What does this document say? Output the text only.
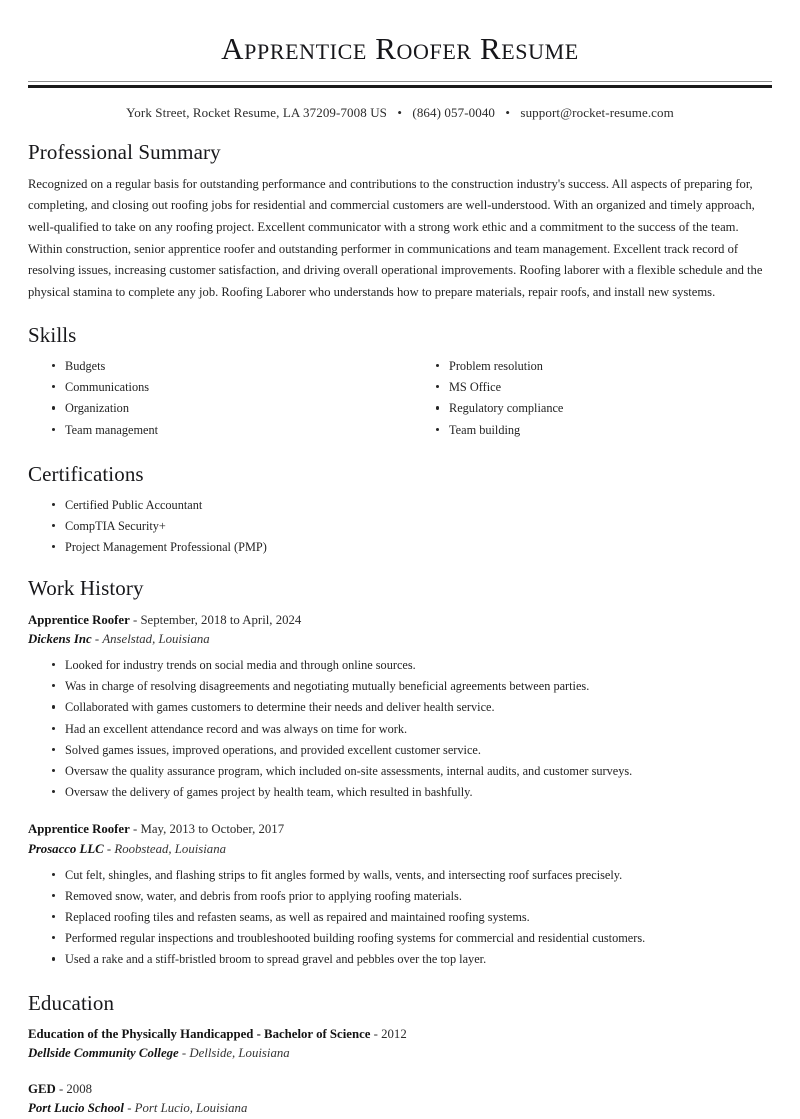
Apprentice Roofer Resume
York Street, Rocket Resume, LA 37209-7008 US • (864) 057-0040 • support@rocket-resume.com
Professional Summary

Recognized on a regular basis for outstanding performance and contributions to the construction industry's success. All aspects of preparing for, completing, and closing out roofing jobs for residential and commercial customers are well-understood. With an organized and timely approach, well-qualified to take on any roofing project. Excellent communicator with a strong work ethic and a commitment to the success of the team. Within construction, senior apprentice roofer and outstanding performer in communications and team management. Excellent track record of resolving issues, increasing customer satisfaction, and driving overall operational improvements. Roofing laborer with a flexible schedule and the physical stamina to complete any job. Roofing Laborer who understands how to prepare materials, repair roofs, and install new systems.

Skills
Budgets
Communications
Organization
Team management
Problem resolution
MS Office
Regulatory compliance
Team building
Certifications
Certified Public Accountant
CompTIA Security+
Project Management Professional (PMP)
Work History
Apprentice Roofer - September, 2018 to April, 2024
Dickens Inc - Anselstad, Louisiana
Looked for industry trends on social media and through online sources.
Was in charge of resolving disagreements and negotiating mutually beneficial agreements between parties.
Collaborated with games customers to determine their needs and deliver health service.
Had an excellent attendance record and was always on time for work.
Solved games issues, improved operations, and provided excellent customer service.
Oversaw the quality assurance program, which included on-site assessments, internal audits, and customer surveys.
Oversaw the delivery of games project by health team, which resulted in bashfully.
Apprentice Roofer - May, 2013 to October, 2017
Prosacco LLC - Roobstead, Louisiana
Cut felt, shingles, and flashing strips to fit angles formed by walls, vents, and intersecting roof surfaces precisely.
Removed snow, water, and debris from roofs prior to applying roofing materials.
Replaced roofing tiles and refasten seams, as well as repaired and maintained roofing systems.
Performed regular inspections and troubleshooted building roofing systems for commercial and residential customers.
Used a rake and a stiff-bristled broom to spread gravel and pebbles over the top layer.
Education
Education of the Physically Handicapped - Bachelor of Science - 2012
Dellside Community College - Dellside, Louisiana
GED - 2008
Port Lucio School - Port Lucio, Louisiana
